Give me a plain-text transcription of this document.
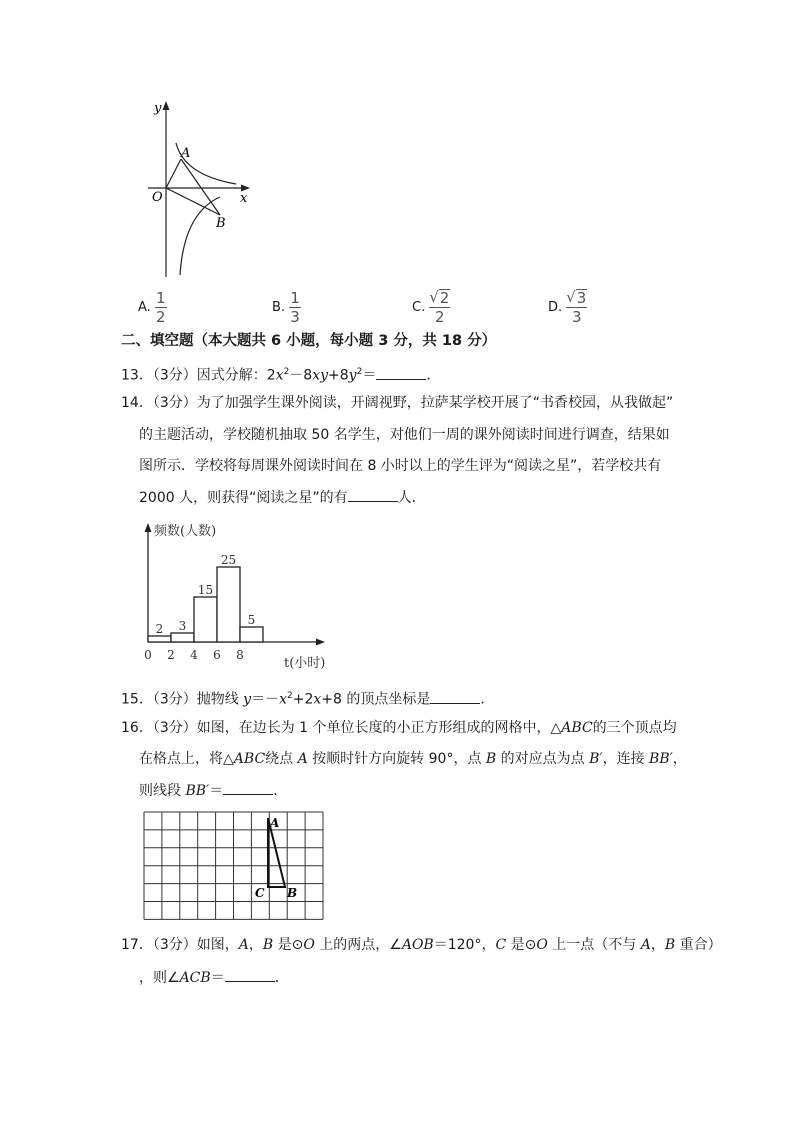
y
x
O
A
B
A. $\frac{1}{2}$	B. $\frac{1}{3}$	C. $\frac{√ 2}{2}$	D. $\frac{√ 3}{3}$
二、填空题（本大题共 6 小题，每小题 3 分，共 18 分）
13．（3分）因式分解：$2x^2-8xy+8y^2=$	．
14．（3分）为了加强学生课外阅读，开阔视野，拉萨某学校开展了“书香校园，从我做起”
的主题活动，学校随机抽取 50 名学生，对他们一周的课外阅读时间进行调查，结果如
图所示．学校将每周课外阅读时间在 8 小时以上的学生评为“阅读之星”，若学校共有
2000 人，则获得“阅读之星”的有	人．
频数(人数)
t(小时)
2 3
15
25
5
0 2 4 6 8
15．（3分）抛物线 $y=-x^2+2x+8$ 的顶点坐标是	．
16．（3分）如图，在边长为 1 个单位长度的小正方形组成的网格中，△ABC的三个顶点均
在格点上，将△ABC绕点 A 按顺时针方向旋转 90°，点 B 的对应点为点 B′，连接 BB′，
则线段 BB′＝	．
A
C B
17．（3分）如图，A，B 是⊙O 上的两点，∠AOB＝120°，C 是⊙O 上一点（不与 A，B 重合）
，则∠ACB＝	．
